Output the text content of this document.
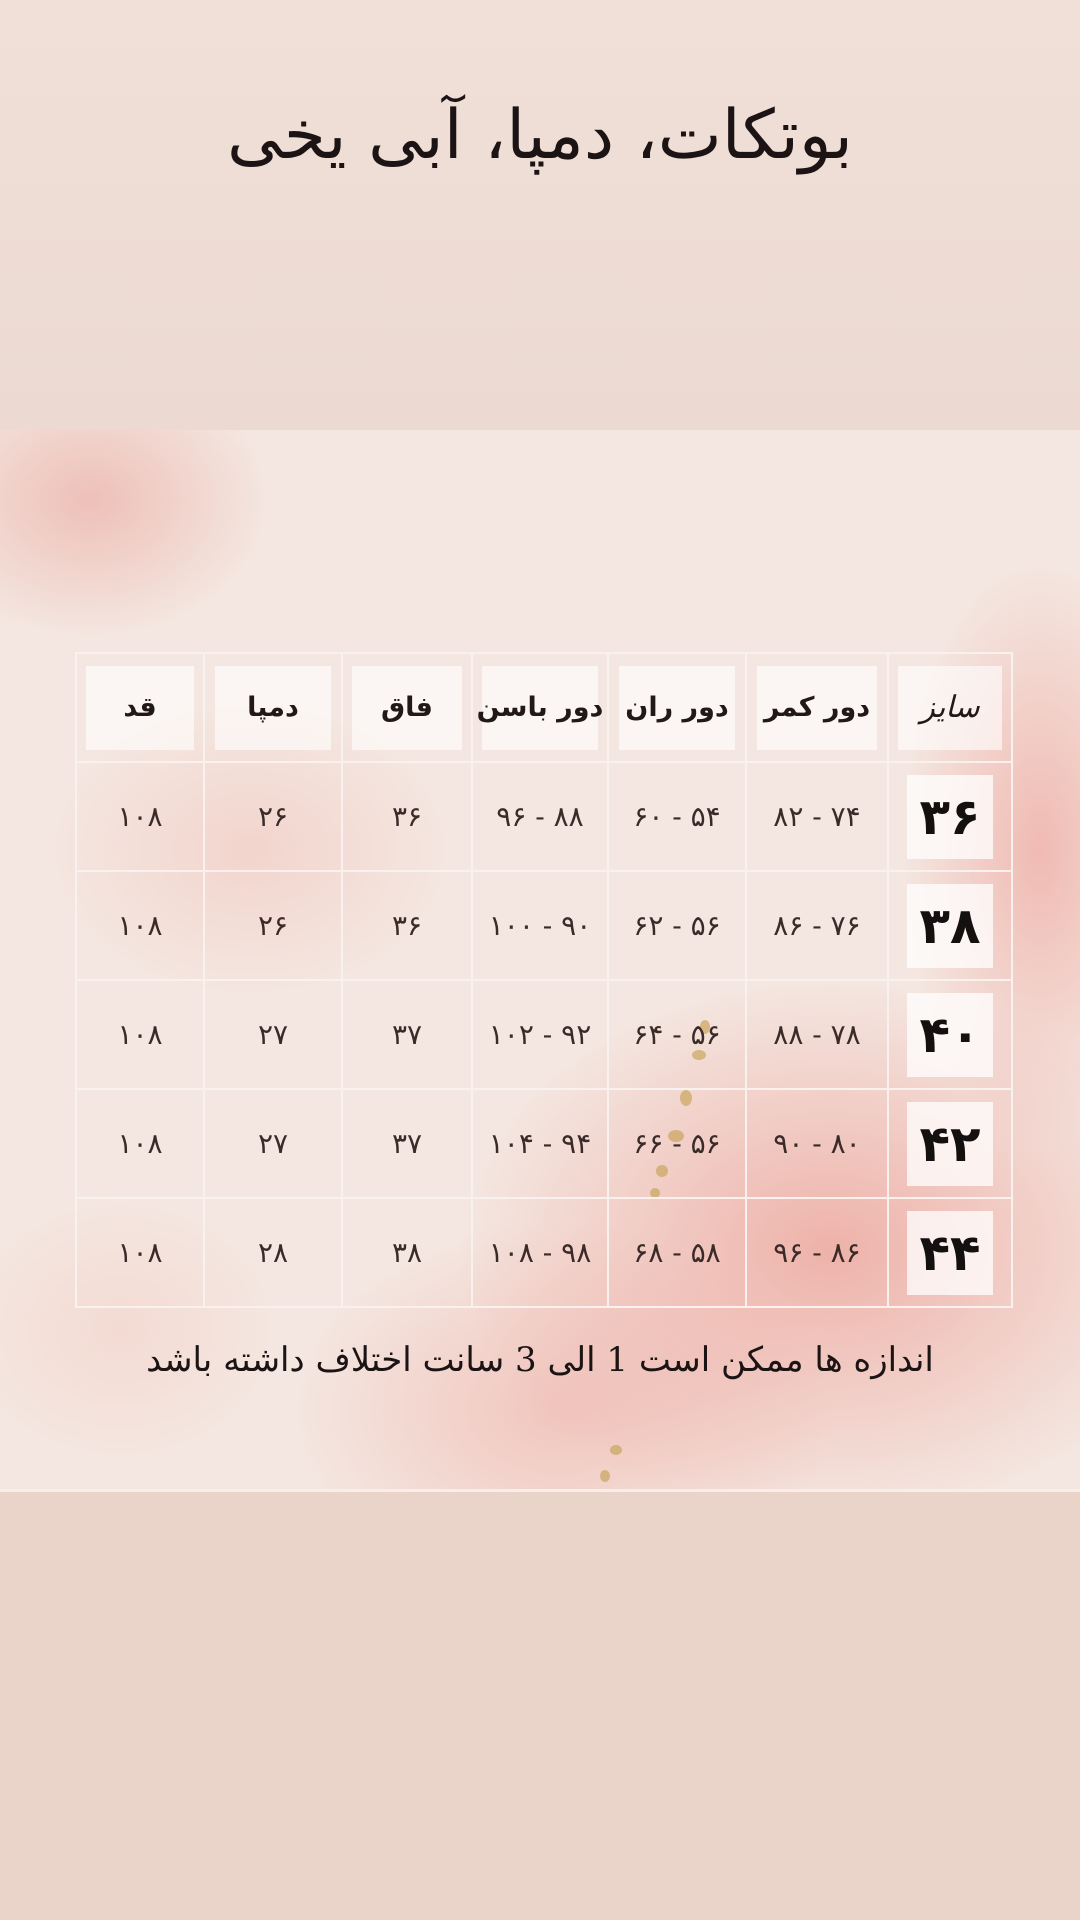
بوتکات، دمپا، آبی یخی
سایز	دور کمر	دور ران	دور باسن	فاق	دمپا	قد
۳۶	۷۴ - ۸۲	۵۴ - ۶۰	۸۸ - ۹۶	۳۶	۲۶	۱۰۸
۳۸	۷۶ - ۸۶	۵۶ - ۶۲	۹۰ - ۱۰۰	۳۶	۲۶	۱۰۸
۴۰	۷۸ - ۸۸	۵۶ - ۶۴	۹۲ - ۱۰۲	۳۷	۲۷	۱۰۸
۴۲	۸۰ - ۹۰	۵۶ - ۶۶	۹۴ - ۱۰۴	۳۷	۲۷	۱۰۸
۴۴	۸۶ - ۹۶	۵۸ - ۶۸	۹۸ - ۱۰۸	۳۸	۲۸	۱۰۸

اندازه ها ممکن است 1 الی 3 سانت اختلاف داشته باشد
